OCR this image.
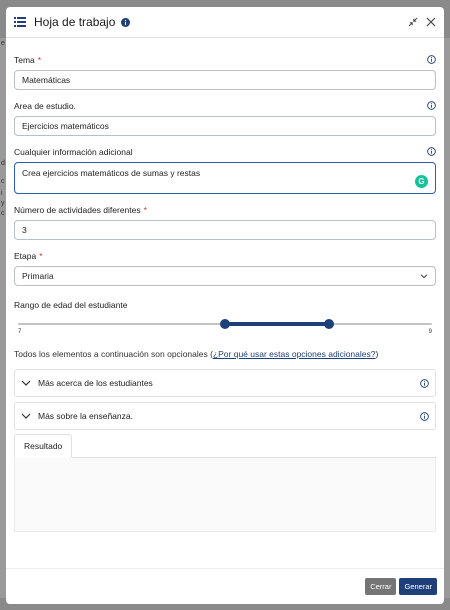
e
d
c
i
y
c
Hoja de trabajo
Tema *
Matemáticas
Area de estudio.
Ejercicios matemáticos
Cualquier información adicional
Crea ejercicios matemáticos de sumas y restas
G
Número de actividades diferentes *
3
Etapa *
Primaria
Rango de edad del estudiante
7	9
Todos los elementos a continuación son opcionales (¿Por qué usar estas opciones adicionales?)
Más acerca de los estudiantes
Más sobre la enseñanza.
Resultado
Cerrar	Generar
